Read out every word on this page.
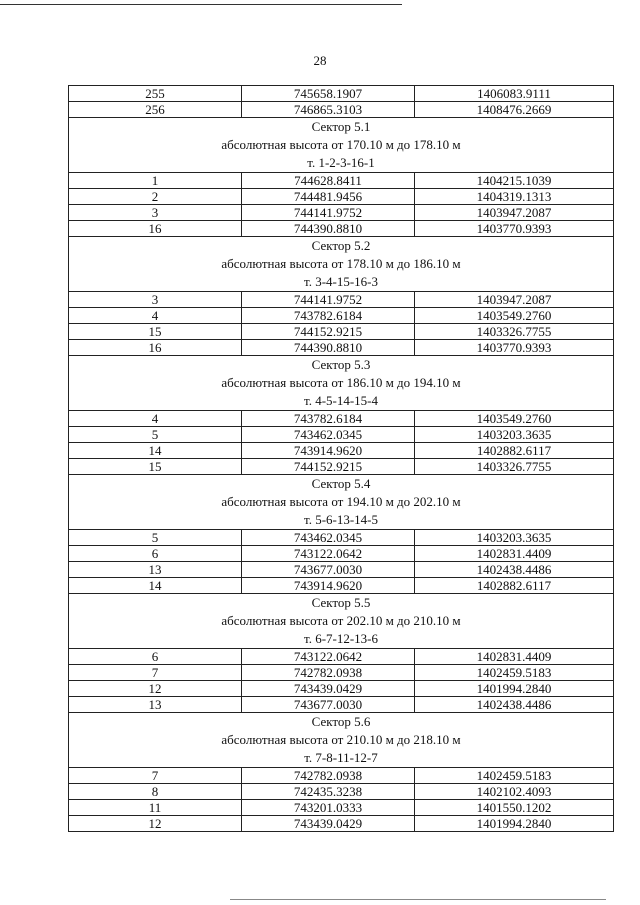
28
255	745658.1907	1406083.9111
256	746865.3103	1408476.2669

Сектор 5.1
абсолютная высота от 170.10 м до 178.10 м
т. 1-2-3-16-1		

1	744628.8411	1404215.1039
2	744481.9456	1404319.1313
3	744141.9752	1403947.2087
16	744390.8810	1403770.9393

Сектор 5.2
абсолютная высота от 178.10 м до 186.10 м
т. 3-4-15-16-3		

3	744141.9752	1403947.2087
4	743782.6184	1403549.2760
15	744152.9215	1403326.7755
16	744390.8810	1403770.9393

Сектор 5.3
абсолютная высота от 186.10 м до 194.10 м
т. 4-5-14-15-4		

4	743782.6184	1403549.2760
5	743462.0345	1403203.3635
14	743914.9620	1402882.6117
15	744152.9215	1403326.7755

Сектор 5.4
абсолютная высота от 194.10 м до 202.10 м
т. 5-6-13-14-5		

5	743462.0345	1403203.3635
6	743122.0642	1402831.4409
13	743677.0030	1402438.4486
14	743914.9620	1402882.6117

Сектор 5.5
абсолютная высота от 202.10 м до 210.10 м
т. 6-7-12-13-6		

6	743122.0642	1402831.4409
7	742782.0938	1402459.5183
12	743439.0429	1401994.2840
13	743677.0030	1402438.4486

Сектор 5.6
абсолютная высота от 210.10 м до 218.10 м
т. 7-8-11-12-7		

7	742782.0938	1402459.5183
8	742435.3238	1402102.4093
11	743201.0333	1401550.1202
12	743439.0429	1401994.2840
